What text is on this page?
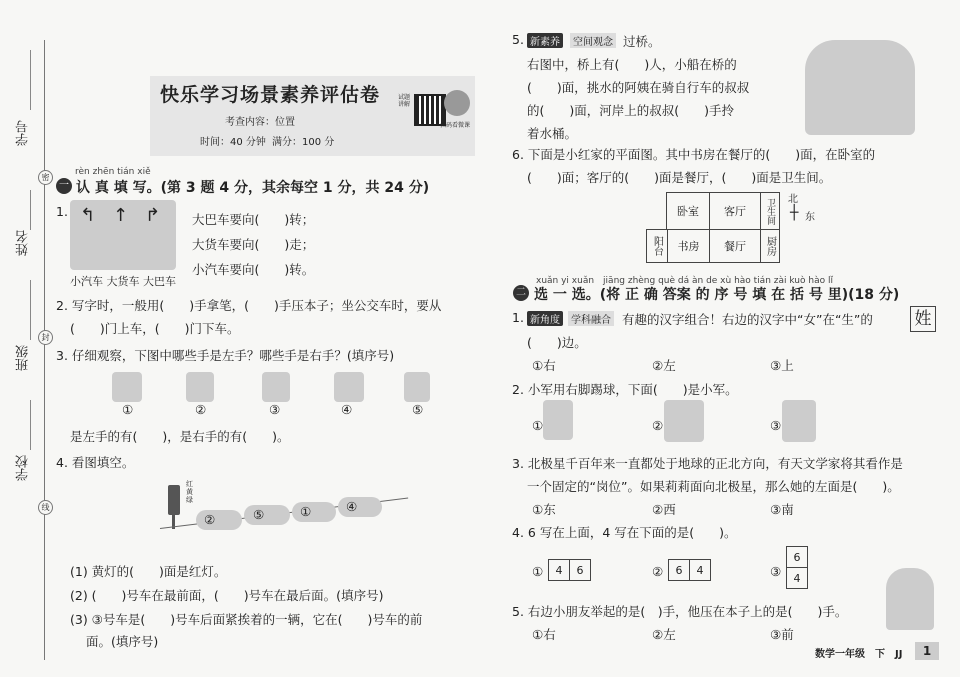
学号
姓名
班级
学校
密
封
线
快乐学习场景素养评估卷
考查内容：位置
时间：40 分钟 满分：100 分
试题讲解
扫码看微课
rèn zhēn tián xiě
一 认 真 填 写。(第 3 题 4 分，其余每空 1 分，共 24 分)
1. ↰ ↑ ↱
小汽车 大货车 大巴车
大巴车要向(　　)转；
大货车要向(　　)走；
小汽车要向(　　)转。
2. 写字时，一般用(　　)手拿笔，(　　)手压本子；坐公交车时，要从
(　　)门上车，(　　)门下车。
3. 仔细观察，下图中哪些手是左手？哪些手是右手？(填序号)
①	②	③	④	⑤
是左手的有(　　)，是右手的有(　　)。
4. 看图填空。
红黄绿
②	⑤	①	④
(1) 黄灯的(　　)面是红灯。
(2) (　　)号车在最前面，(　　)号车在最后面。(填序号)
(3) ③号车是(　　)号车后面紧挨着的一辆，它在(　　)号车的前
面。(填序号)
5. 新素养	空间观念 过桥。
右图中，桥上有(　　)人，小船在桥的
(　　)面，挑水的阿姨在骑自行车的叔叔
的(　　)面，河岸上的叔叔(　　)手拎
着水桶。
6. 下面是小红家的平面图。其中书房在餐厅的(　　)面，在卧室的
(　　)面；客厅的(　　)面是餐厅，(　　)面是卫生间。
卧室	客厅	卫生间
阳台	书房	餐厅	厨房
北
┼ 东
xuǎn yi xuǎn　jiāng zhèng què dá àn de xù hào tián zài kuò hào lǐ
二 选 一 选。(将 正 确 答案 的 序 号 填 在 括 号 里)(18 分)
1. 新角度	学科融合 有趣的汉字组合！右边的汉字中“女”在“生”的 姓
(　　)边。
①右	②左	③上
2. 小军用右脚踢球，下面(　　)是小军。
①	②	③
3. 北极星千百年来一直都处于地球的正北方向，有天文学家将其看作是
一个固定的“岗位”。如果莉莉面向北极星，那么她的左面是(　　)。
①东	②西	③南
4. 6 写在上面，4 写在下面的是(　　)。
①	4	6	②	6	4	③
6
4
5. 右边小朋友举起的是(　)手，他压在本子上的是(　　)手。
①右	②左	③前
数学一年级　下　JJ	1
